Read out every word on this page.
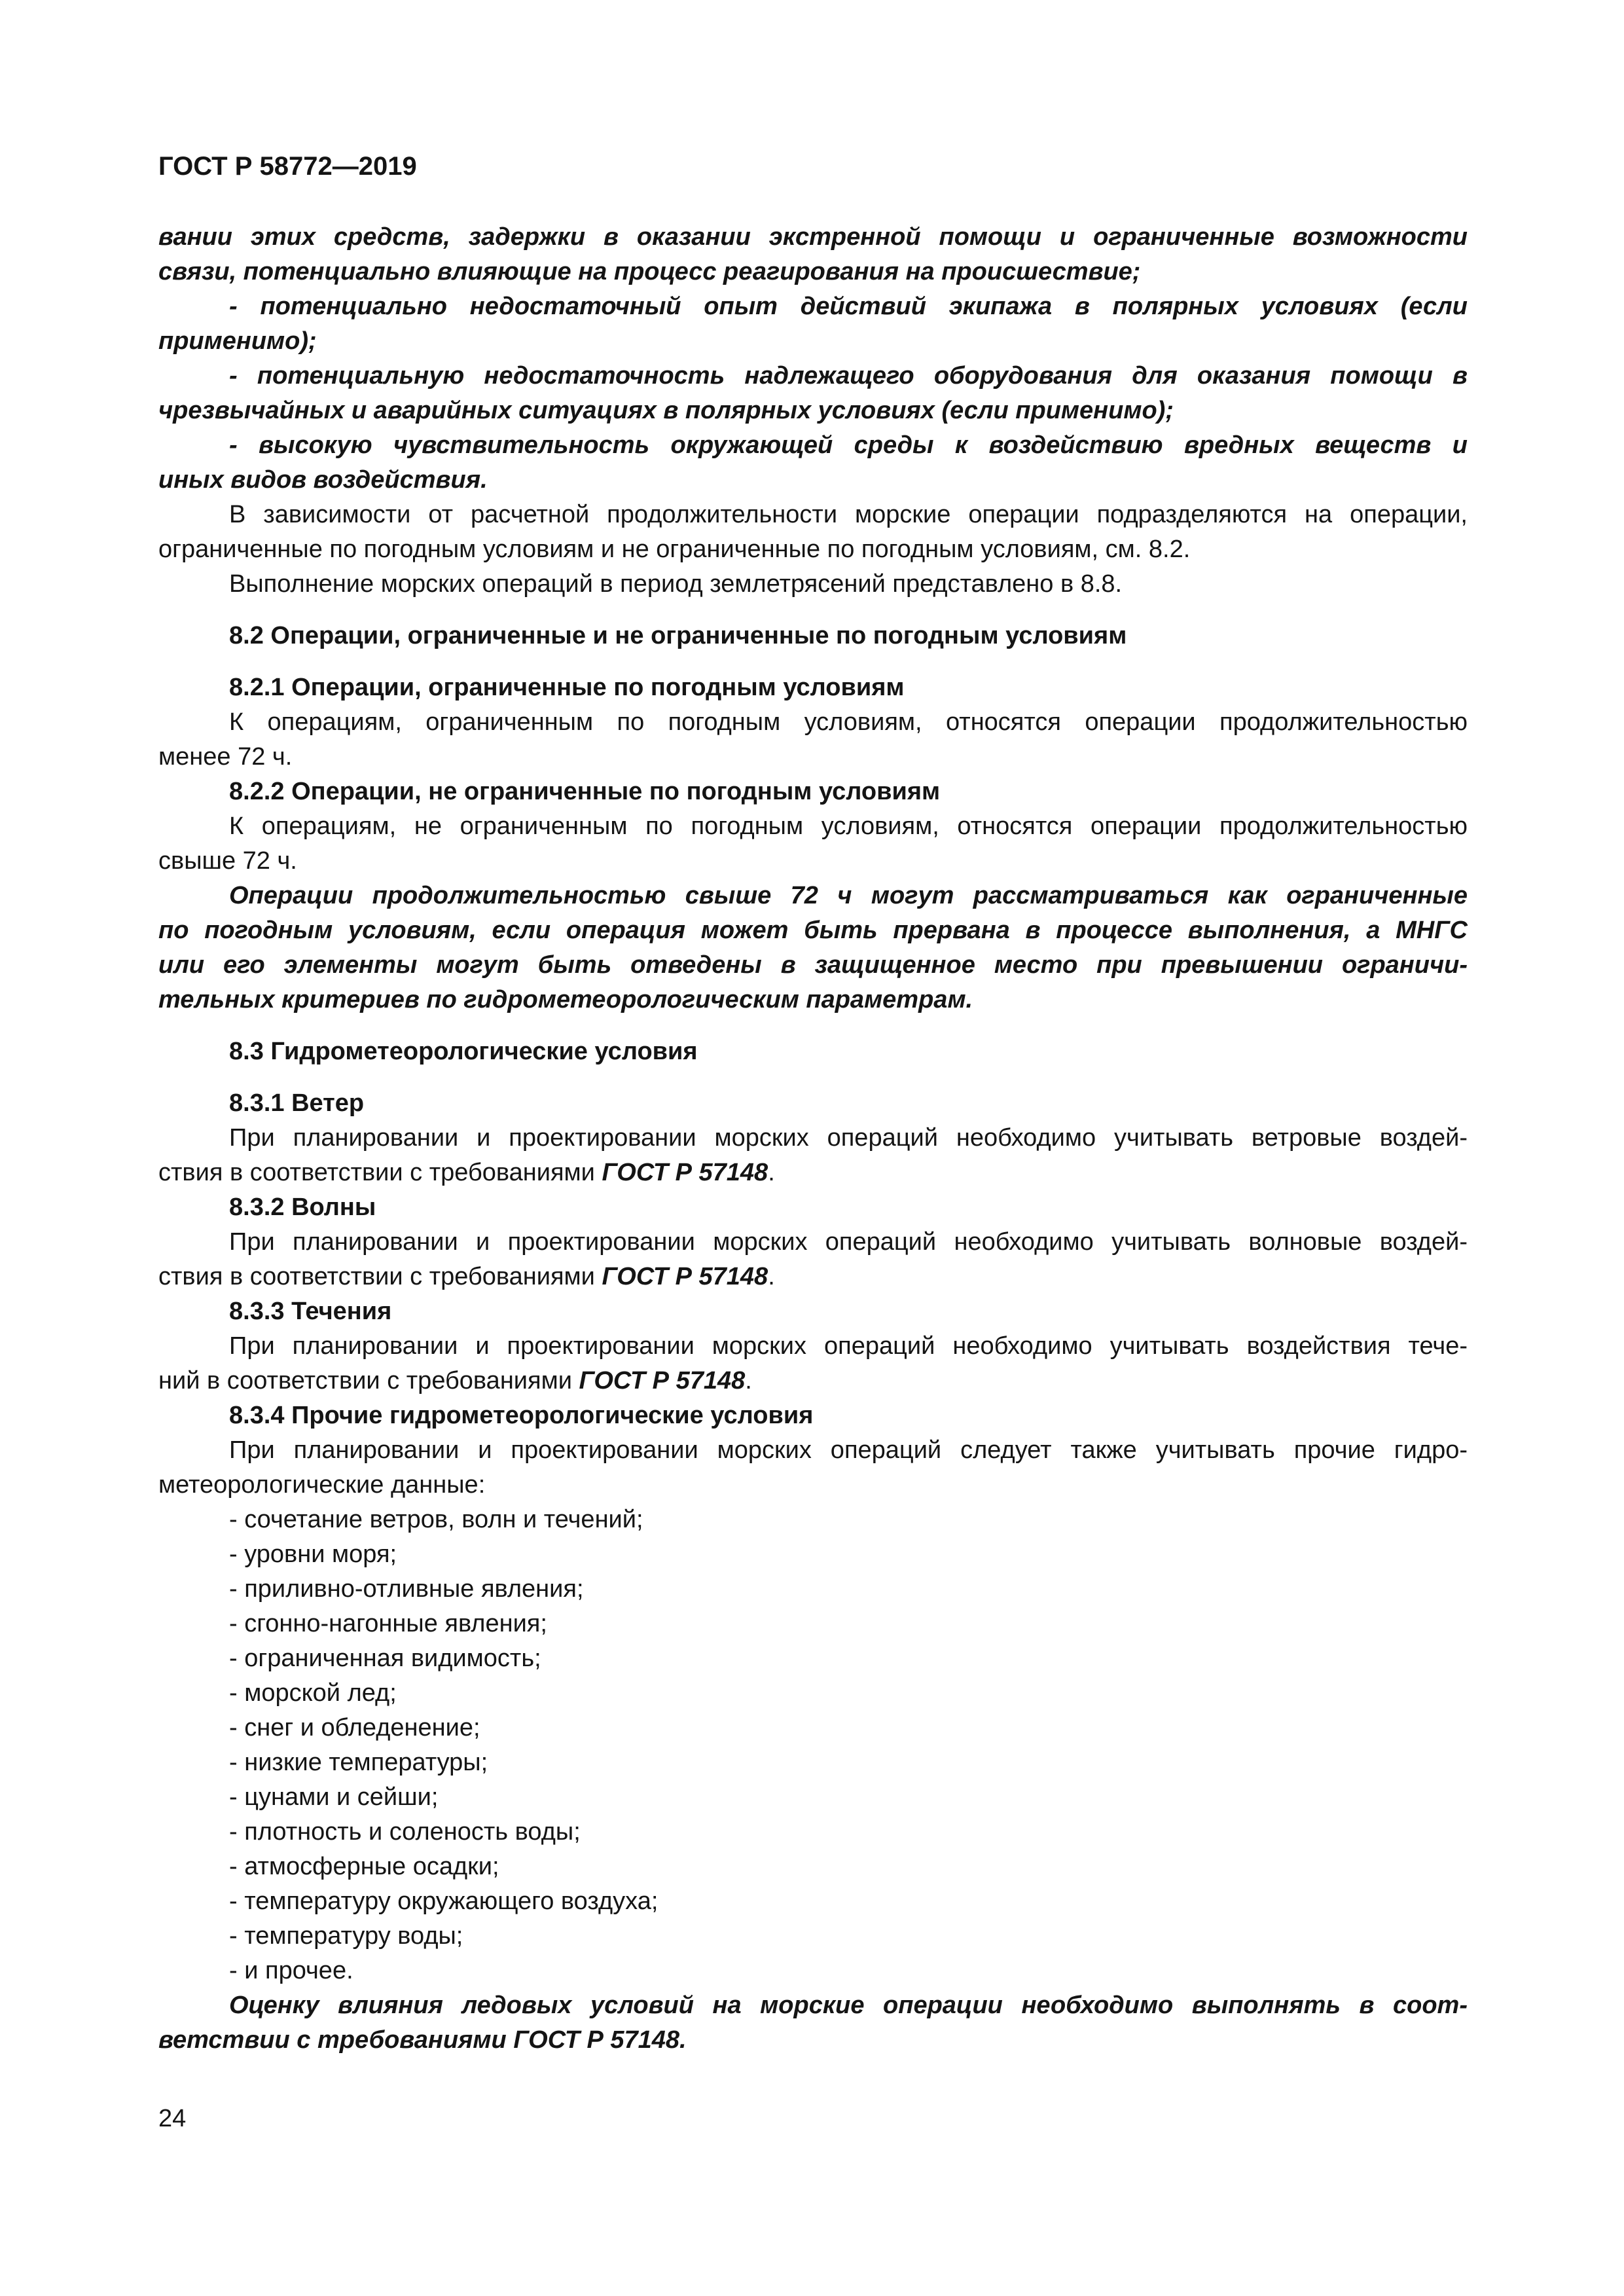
ГОСТ Р 58772—2019
вании этих средств, задержки в оказании экстренной помощи и ограниченные возможности
связи, потенциально влияющие на процесс реагирования на происшествие;
- потенциально недостаточный опыт действий экипажа в полярных условиях (если
применимо);
- потенциальную недостаточность надлежащего оборудования для оказания помощи в
чрезвычайных и аварийных ситуациях в полярных условиях (если применимо);
- высокую чувствительность окружающей среды к воздействию вредных веществ и
иных видов воздействия.
В зависимости от расчетной продолжительности морские операции подразделяются на операции,
ограниченные по погодным условиям и не ограниченные по погодным условиям, см. 8.2.
Выполнение морских операций в период землетрясений представлено в 8.8.
8.2 Операции, ограниченные и не ограниченные по погодным условиям
8.2.1 Операции, ограниченные по погодным условиям
К операциям, ограниченным по погодным условиям, относятся операции продолжительностью
менее 72 ч.
8.2.2 Операции, не ограниченные по погодным условиям
К операциям, не ограниченным по погодным условиям, относятся операции продолжительностью
свыше 72 ч.
Операции продолжительностью свыше 72 ч могут рассматриваться как ограниченные
по погодным условиям, если операция может быть прервана в процессе выполнения, а МНГС
или его элементы могут быть отведены в защищенное место при превышении ограничи-
тельных критериев по гидрометеорологическим параметрам.
8.3 Гидрометеорологические условия
8.3.1 Ветер
При планировании и проектировании морских операций необходимо учитывать ветровые воздей-
ствия в соответствии с требованиями ГОСТ Р 57148.
8.3.2 Волны
При планировании и проектировании морских операций необходимо учитывать волновые воздей-
ствия в соответствии с требованиями ГОСТ Р 57148.
8.3.3 Течения
При планировании и проектировании морских операций необходимо учитывать воздействия тече-
ний в соответствии с требованиями ГОСТ Р 57148.
8.3.4 Прочие гидрометеорологические условия
При планировании и проектировании морских операций следует также учитывать прочие гидро-
метеорологические данные:
- сочетание ветров, волн и течений;
- уровни моря;
- приливно-отливные явления;
- сгонно-нагонные явления;
- ограниченная видимость;
- морской лед;
- снег и обледенение;
- низкие температуры;
- цунами и сейши;
- плотность и соленость воды;
- атмосферные осадки;
- температуру окружающего воздуха;
- температуру воды;
- и прочее.
Оценку влияния ледовых условий на морские операции необходимо выполнять в соот-
ветствии с требованиями ГОСТ Р 57148.
24
